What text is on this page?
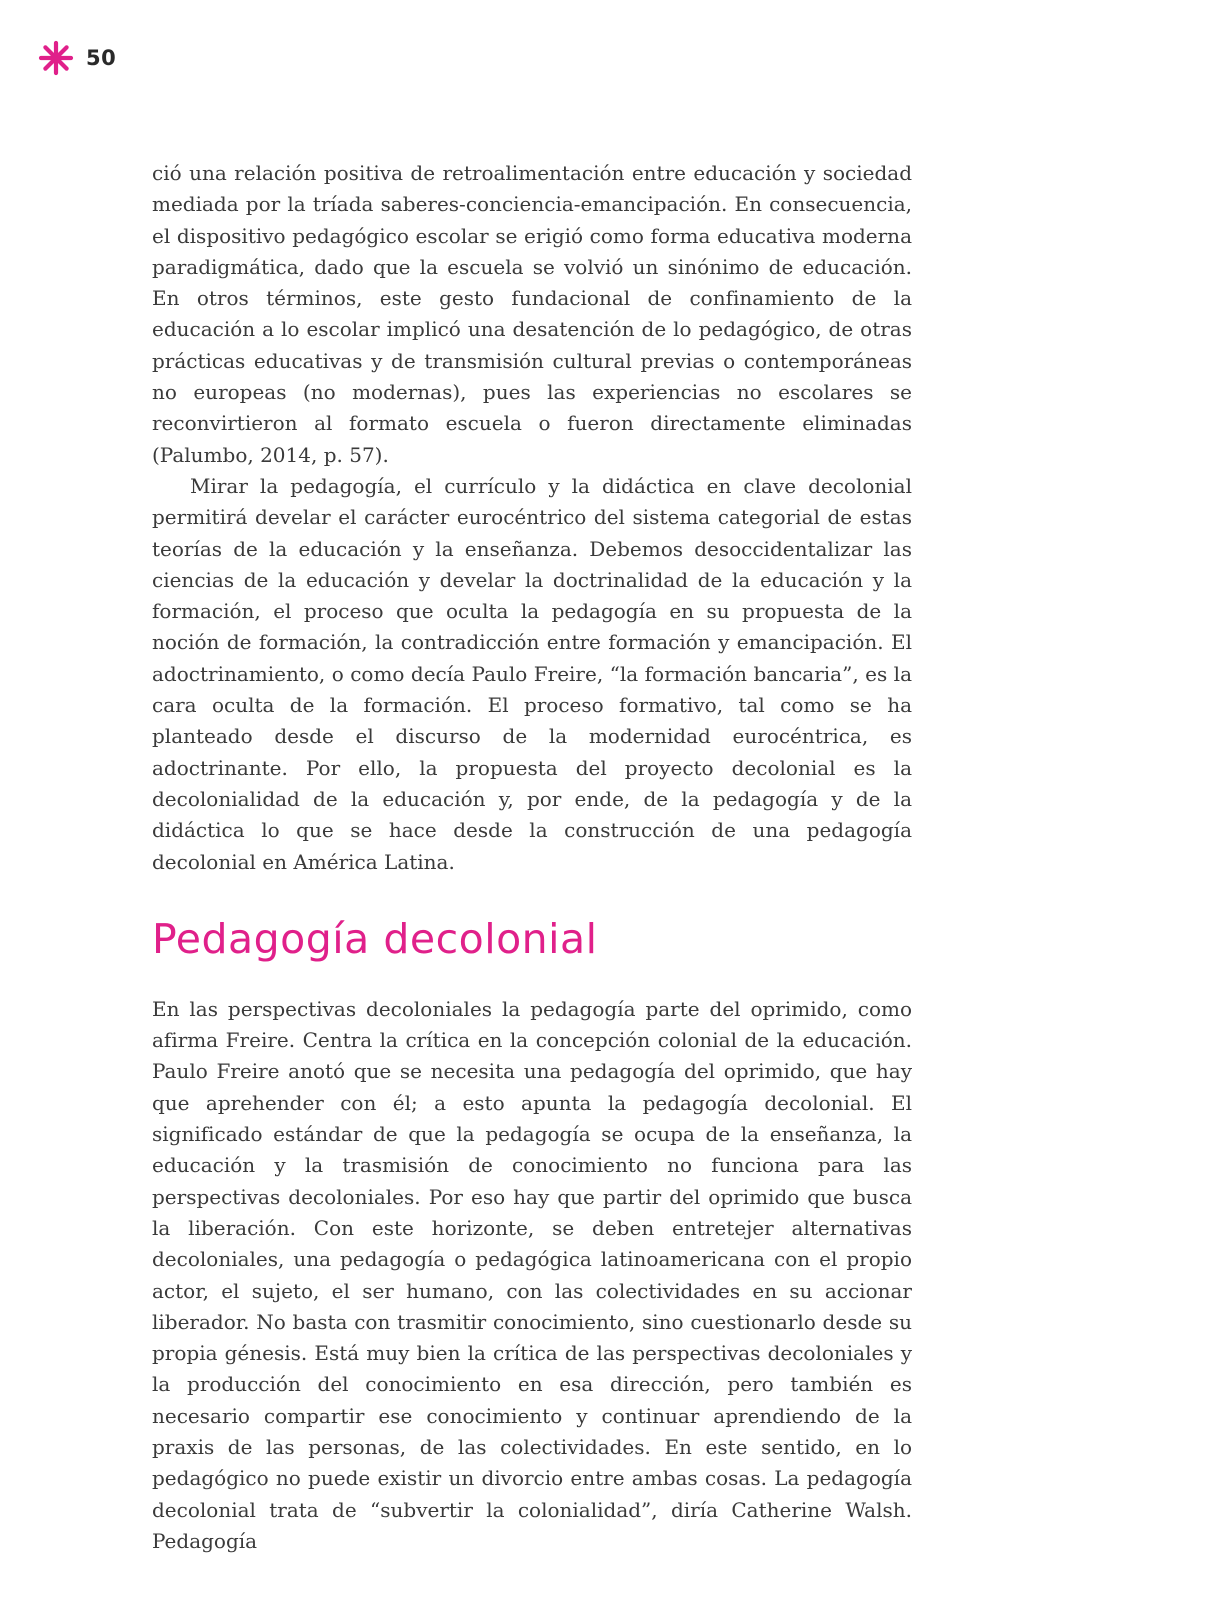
50

ció una relación positiva de retroalimentación entre educación y sociedad mediada por la tríada saberes-conciencia-emancipación. En consecuencia, el dispositivo pedagógico escolar se erigió como forma educativa moderna paradigmática, dado que la escuela se volvió un sinónimo de educación. En otros términos, este gesto fundacional de confinamiento de la educación a lo escolar implicó una desatención de lo pedagógico, de otras prácticas educativas y de transmisión cultural previas o contemporáneas no europeas (no modernas), pues las experiencias no escolares se reconvirtieron al formato escuela o fueron directamente eliminadas (Palumbo, 2014, p. 57).

Mirar la pedagogía, el currículo y la didáctica en clave decolonial permitirá develar el carácter eurocéntrico del sistema categorial de estas teorías de la educación y la enseñanza. Debemos desoccidentalizar las ciencias de la educación y develar la doctrinalidad de la educación y la formación, el proceso que oculta la pedagogía en su propuesta de la noción de formación, la contradicción entre formación y emancipación. El adoctrinamiento, o como decía Paulo Freire, “la formación bancaria”, es la cara oculta de la formación. El proceso formativo, tal como se ha planteado desde el discurso de la modernidad eurocéntrica, es adoctrinante. Por ello, la propuesta del proyecto decolonial es la decolonialidad de la educación y, por ende, de la pedagogía y de la didáctica lo que se hace desde la construcción de una pedagogía decolonial en América Latina.

Pedagogía decolonial

En las perspectivas decoloniales la pedagogía parte del oprimido, como afirma Freire. Centra la crítica en la concepción colonial de la educación. Paulo Freire anotó que se necesita una pedagogía del oprimido, que hay que aprehender con él; a esto apunta la pedagogía decolonial. El significado estándar de que la pedagogía se ocupa de la enseñanza, la educación y la trasmisión de conocimiento no funciona para las perspectivas decoloniales. Por eso hay que partir del oprimido que busca la liberación. Con este horizonte, se deben entretejer alternativas decoloniales, una pedagogía o pedagógica latinoamericana con el propio actor, el sujeto, el ser humano, con las colectividades en su accionar liberador. No basta con trasmitir conocimiento, sino cuestionarlo desde su propia génesis. Está muy bien la crítica de las perspectivas decoloniales y la producción del conocimiento en esa dirección, pero también es necesario compartir ese conocimiento y continuar aprendiendo de la praxis de las personas, de las colectividades. En este sentido, en lo pedagógico no puede existir un divorcio entre ambas cosas. La pedagogía decolonial trata de “subvertir la colonialidad”, diría Catherine Walsh. Pedagogía
